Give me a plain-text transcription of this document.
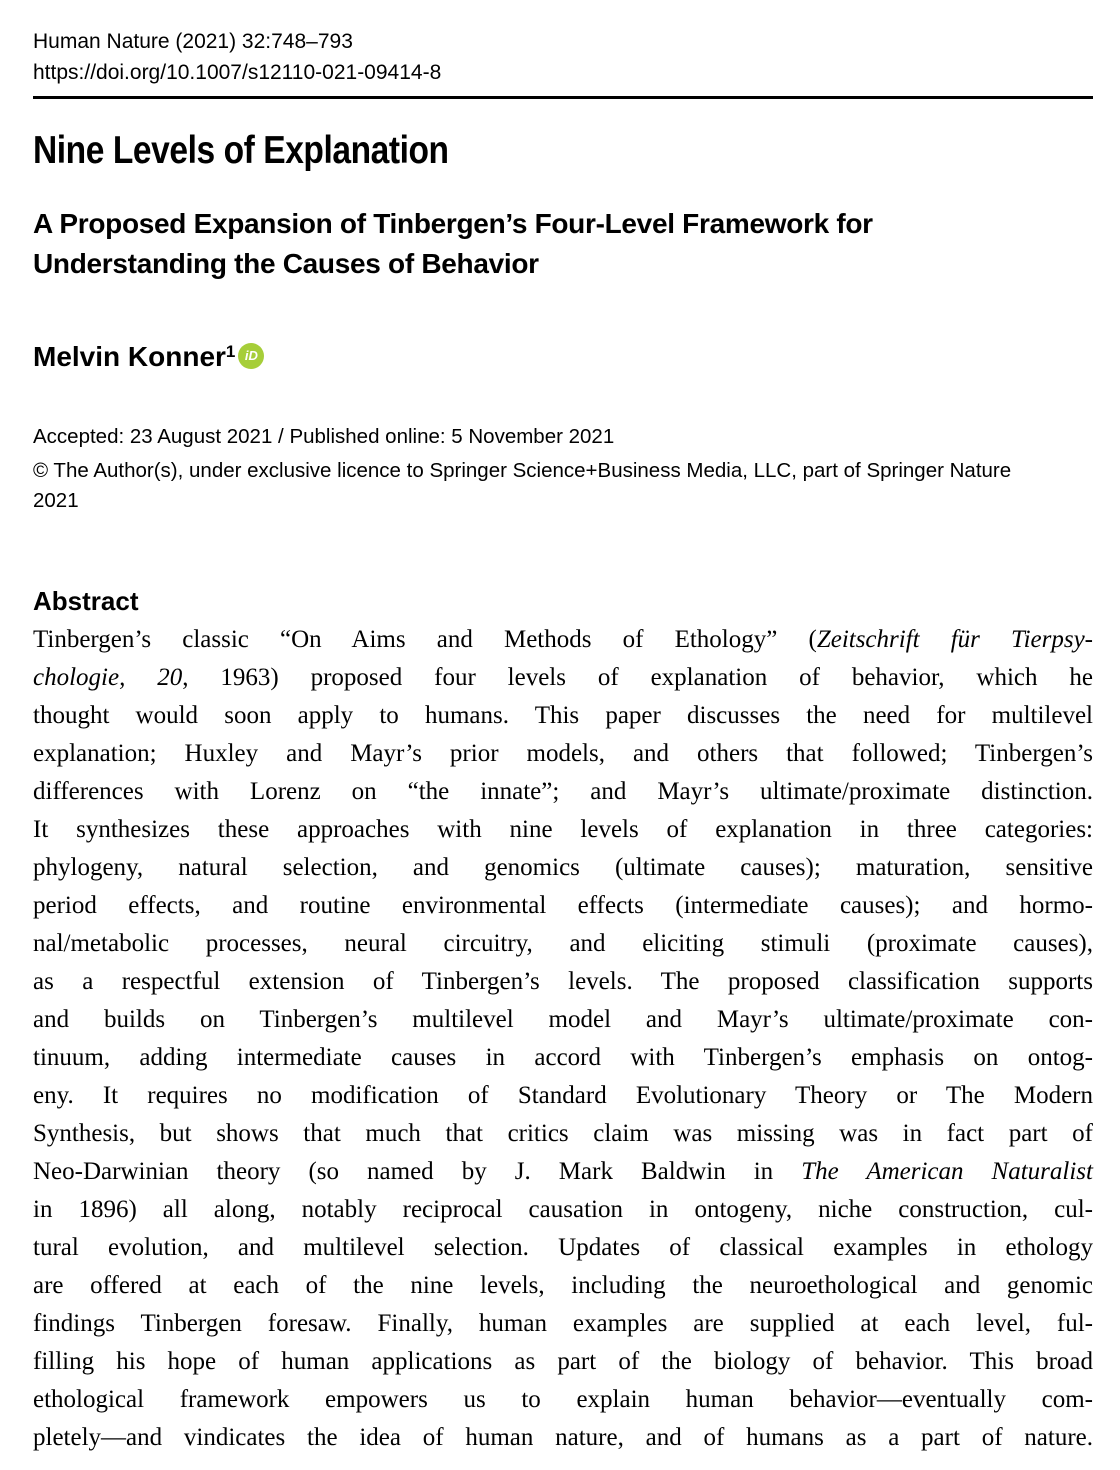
Human Nature (2021) 32:748–793
https://doi.org/10.1007/s12110-021-09414-8
Nine Levels of Explanation
A Proposed Expansion of Tinbergen’s Four-Level Framework for Understanding the Causes of Behavior
Melvin Konner$^1$ iD
Accepted: 23 August 2021 / Published online: 5 November 2021
© The Author(s), under exclusive licence to Springer Science+Business Media, LLC, part of Springer Nature
2021
Abstract
Tinbergen’s classic “On Aims and Methods of Ethology” (Zeitschrift für Tierpsy-
chologie, 20, 1963) proposed four levels of explanation of behavior, which he
thought would soon apply to humans. This paper discusses the need for multilevel
explanation; Huxley and Mayr’s prior models, and others that followed; Tinbergen’s
differences with Lorenz on “the innate”; and Mayr’s ultimate/proximate distinction.
It synthesizes these approaches with nine levels of explanation in three categories:
phylogeny, natural selection, and genomics (ultimate causes); maturation, sensitive
period effects, and routine environmental effects (intermediate causes); and hormo-
nal/metabolic processes, neural circuitry, and eliciting stimuli (proximate causes),
as a respectful extension of Tinbergen’s levels. The proposed classification supports
and builds on Tinbergen’s multilevel model and Mayr’s ultimate/proximate con-
tinuum, adding intermediate causes in accord with Tinbergen’s emphasis on ontog-
eny. It requires no modification of Standard Evolutionary Theory or The Modern
Synthesis, but shows that much that critics claim was missing was in fact part of
Neo-Darwinian theory (so named by J. Mark Baldwin in The American Naturalist
in 1896) all along, notably reciprocal causation in ontogeny, niche construction, cul-
tural evolution, and multilevel selection. Updates of classical examples in ethology
are offered at each of the nine levels, including the neuroethological and genomic
findings Tinbergen foresaw. Finally, human examples are supplied at each level, ful-
filling his hope of human applications as part of the biology of behavior. This broad
ethological framework empowers us to explain human behavior—eventually com-
pletely—and vindicates the idea of human nature, and of humans as a part of nature.
